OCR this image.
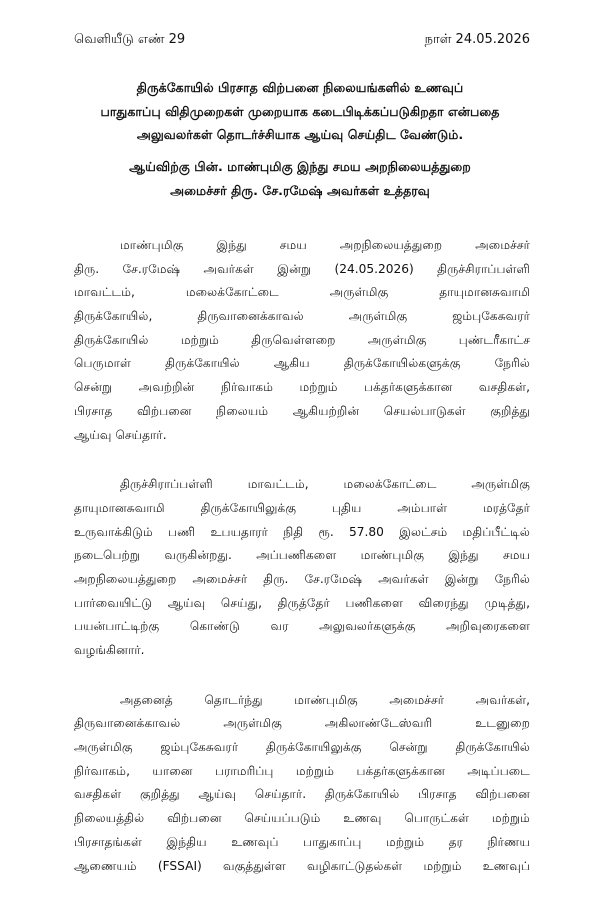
வெளியீடு எண் 29	நாள் 24.05.2026
திருக்கோயில் பிரசாத விற்பனை நிலையங்களில் உணவுப்
பாதுகாப்பு விதிமுறைகள் முறையாக கடைபிடிக்கப்படுகிறதா என்பதை
அலுவலர்கள் தொடர்ச்சியாக ஆய்வு செய்திட வேண்டும்.
ஆய்விற்கு பின். மாண்புமிகு இந்து சமய அறநிலையத்துறை
அமைச்சர் திரு. சே.ரமேஷ் அவர்கள் உத்தரவு
மாண்புமிகு இந்து சமய அறநிலையத்துறை அமைச்சர்
திரு. சே.ரமேஷ் அவர்கள் இன்று (24.05.2026) திருச்சிராப்பள்ளி
மாவட்டம், மலைக்கோட்டை அருள்மிகு தாயுமானசுவாமி
திருக்கோயில், திருவானைக்காவல் அருள்மிகு ஜம்புகேசுவரர்
திருக்கோயில் மற்றும் திருவெள்ளறை அருள்மிகு புண்டரீகாட்ச
பெருமாள் திருக்கோயில் ஆகிய திருக்கோயில்களுக்கு நேரில்
சென்று அவற்றின் நிர்வாகம் மற்றும் பக்தர்களுக்கான வசதிகள்,
பிரசாத விற்பனை நிலையம் ஆகியற்றின் செயல்பாடுகள் குறித்து
ஆய்வு செய்தார்.
திருச்சிராப்பள்ளி மாவட்டம், மலைக்கோட்டை அருள்மிகு
தாயுமானசுவாமி திருக்கோயிலுக்கு புதிய அம்பாள் மரத்தேர்
உருவாக்கிடும் பணி உபயதாரர் நிதி ரூ. 57.80 இலட்சம் மதிப்பீட்டில்
நடைபெற்று வருகின்றது. அப்பணிகளை மாண்புமிகு இந்து சமய
அறநிலையத்துறை அமைச்சர் திரு. சே.ரமேஷ் அவர்கள் இன்று நேரில்
பார்வையிட்டு ஆய்வு செய்து, திருத்தேர் பணிகளை விரைந்து முடித்து,
பயன்பாட்டிற்கு கொண்டு வர அலுவலர்களுக்கு அறிவுரைகளை
வழங்கினார்.
அதனைத் தொடர்ந்து மாண்புமிகு அமைச்சர் அவர்கள்,
திருவானைக்காவல் அருள்மிகு அகிலாண்டேஸ்வரி உடனுறை
அருள்மிகு ஜம்புகேசுவரர் திருக்கோயிலுக்கு சென்று திருக்கோயில்
நிர்வாகம், யானை பராமரிப்பு மற்றும் பக்தர்களுக்கான அடிப்படை
வசதிகள் குறித்து ஆய்வு செய்தார். திருக்கோயில் பிரசாத விற்பனை
நிலையத்தில் விற்பனை செய்யப்படும் உணவு பொருட்கள் மற்றும்
பிரசாதங்கள் இந்திய உணவுப் பாதுகாப்பு மற்றும் தர நிர்ணய
ஆணையம் (FSSAI) வகுத்துள்ள வழிகாட்டுதல்கள் மற்றும் உணவுப்
